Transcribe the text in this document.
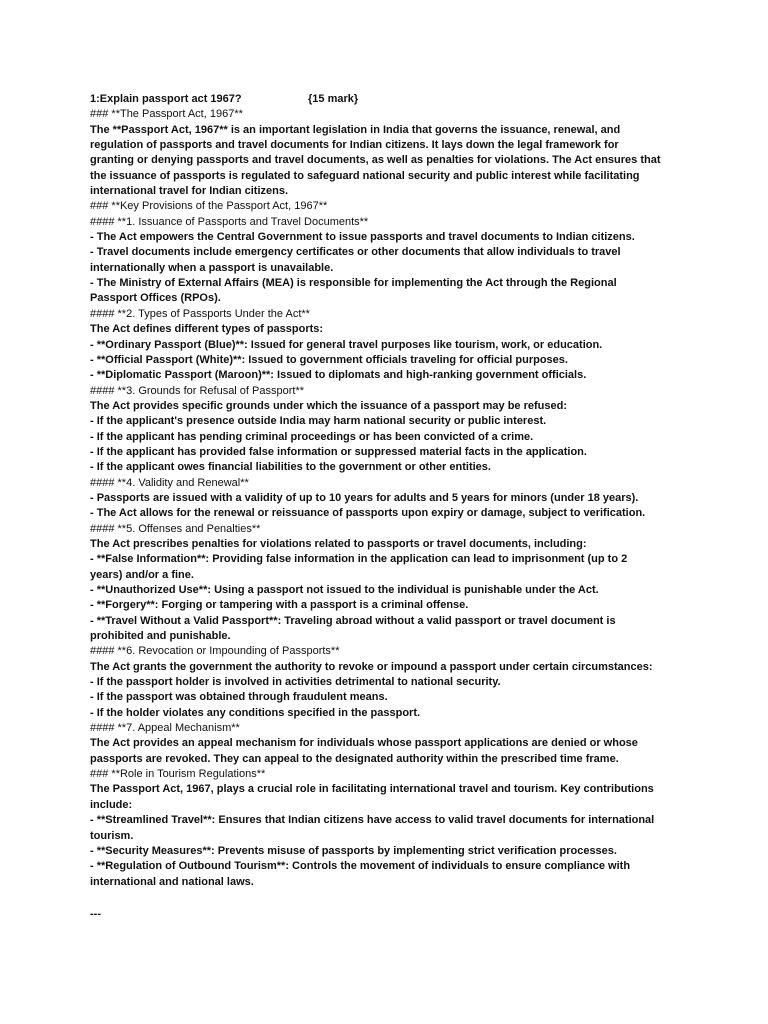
1:Explain passport act 1967?	{15 mark}
### **The Passport Act, 1967**
The **Passport Act, 1967** is an important legislation in India that governs the issuance, renewal, and
regulation of passports and travel documents for Indian citizens. It lays down the legal framework for
granting or denying passports and travel documents, as well as penalties for violations. The Act ensures that
the issuance of passports is regulated to safeguard national security and public interest while facilitating
international travel for Indian citizens.
### **Key Provisions of the Passport Act, 1967**
#### **1. Issuance of Passports and Travel Documents**
- The Act empowers the Central Government to issue passports and travel documents to Indian citizens.
- Travel documents include emergency certificates or other documents that allow individuals to travel
internationally when a passport is unavailable.
- The Ministry of External Affairs (MEA) is responsible for implementing the Act through the Regional
Passport Offices (RPOs).
#### **2. Types of Passports Under the Act**
The Act defines different types of passports:
- **Ordinary Passport (Blue)**: Issued for general travel purposes like tourism, work, or education.
- **Official Passport (White)**: Issued to government officials traveling for official purposes.
- **Diplomatic Passport (Maroon)**: Issued to diplomats and high-ranking government officials.
#### **3. Grounds for Refusal of Passport**
The Act provides specific grounds under which the issuance of a passport may be refused:
- If the applicant's presence outside India may harm national security or public interest.
- If the applicant has pending criminal proceedings or has been convicted of a crime.
- If the applicant has provided false information or suppressed material facts in the application.
- If the applicant owes financial liabilities to the government or other entities.
#### **4. Validity and Renewal**
- Passports are issued with a validity of up to 10 years for adults and 5 years for minors (under 18 years).
- The Act allows for the renewal or reissuance of passports upon expiry or damage, subject to verification.
#### **5. Offenses and Penalties**
The Act prescribes penalties for violations related to passports or travel documents, including:
- **False Information**: Providing false information in the application can lead to imprisonment (up to 2
years) and/or a fine.
- **Unauthorized Use**: Using a passport not issued to the individual is punishable under the Act.
- **Forgery**: Forging or tampering with a passport is a criminal offense.
- **Travel Without a Valid Passport**: Traveling abroad without a valid passport or travel document is
prohibited and punishable.
#### **6. Revocation or Impounding of Passports**
The Act grants the government the authority to revoke or impound a passport under certain circumstances:
- If the passport holder is involved in activities detrimental to national security.
- If the passport was obtained through fraudulent means.
- If the holder violates any conditions specified in the passport.
#### **7. Appeal Mechanism**
The Act provides an appeal mechanism for individuals whose passport applications are denied or whose
passports are revoked. They can appeal to the designated authority within the prescribed time frame.
### **Role in Tourism Regulations**
The Passport Act, 1967, plays a crucial role in facilitating international travel and tourism. Key contributions
include:
- **Streamlined Travel**: Ensures that Indian citizens have access to valid travel documents for international
tourism.
- **Security Measures**: Prevents misuse of passports by implementing strict verification processes.
- **Regulation of Outbound Tourism**: Controls the movement of individuals to ensure compliance with
international and national laws.
---
